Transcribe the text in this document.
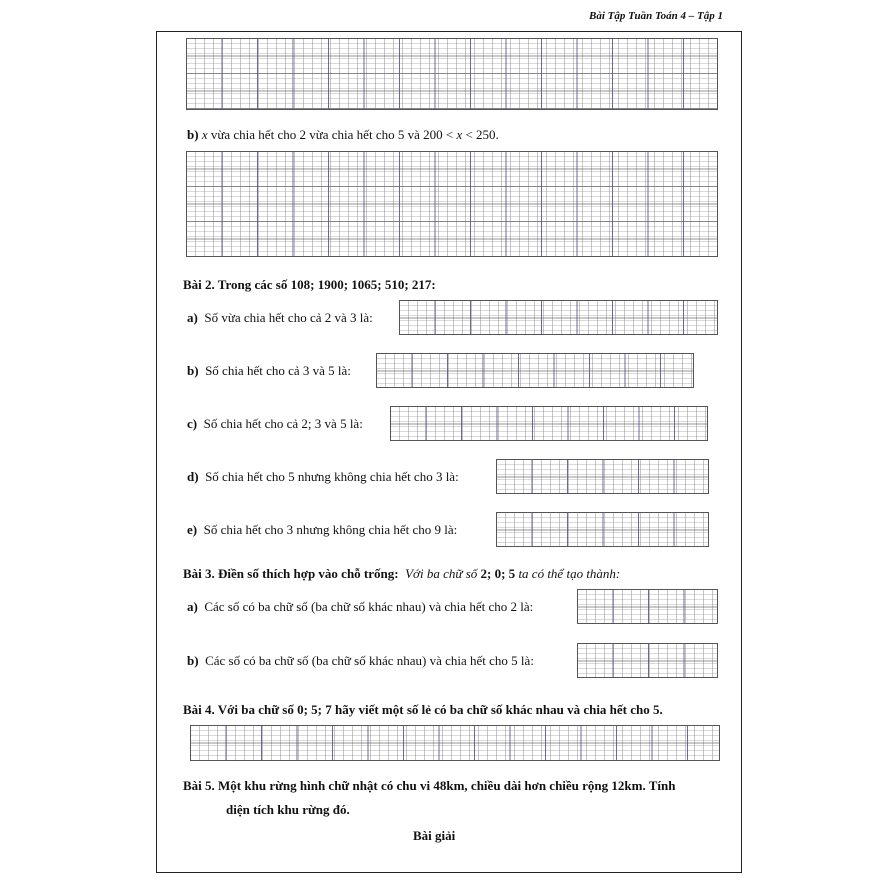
Bài Tập Tuần Toán 4 – Tập 1
b) x vừa chia hết cho 2 vừa chia hết cho 5 và 200 < x < 250.
Bài 2. Trong các số 108; 1900; 1065; 510; 217:
a) Số vừa chia hết cho cả 2 và 3 là:
b) Số chia hết cho cả 3 và 5 là:
c) Số chia hết cho cả 2; 3 và 5 là:
d) Số chia hết cho 5 nhưng không chia hết cho 3 là:
e) Số chia hết cho 3 nhưng không chia hết cho 9 là:
Bài 3. Điền số thích hợp vào chỗ trống: Với ba chữ số 2; 0; 5 ta có thể tạo thành:
a) Các số có ba chữ số (ba chữ số khác nhau) và chia hết cho 2 là:
b) Các số có ba chữ số (ba chữ số khác nhau) và chia hết cho 5 là:
Bài 4. Với ba chữ số 0; 5; 7 hãy viết một số lẻ có ba chữ số khác nhau và chia hết cho 5.
Bài 5. Một khu rừng hình chữ nhật có chu vi 48km, chiều dài hơn chiều rộng 12km. Tính
diện tích khu rừng đó.
Bài giải
